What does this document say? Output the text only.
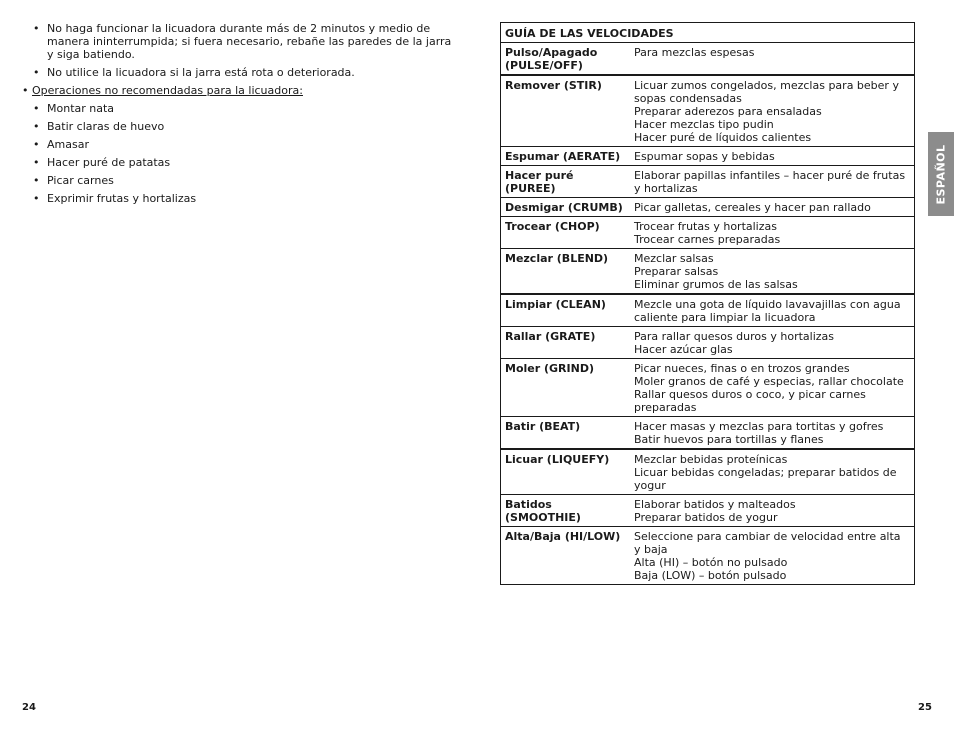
• No haga funcionar la licuadora durante más de 2 minutos y medio de manera ininterrumpida; si fuera necesario, rebañe las paredes de la jarra y siga batiendo.
• No utilice la licuadora si la jarra está rota o deteriorada.
• Operaciones no recomendadas para la licuadora:
• Montar nata
• Batir claras de huevo
• Amasar
• Hacer puré de patatas
• Picar carnes
• Exprimir frutas y hortalizas
24
GUÍA DE LAS VELOCIDADES	
Pulso/Apagado (PULSE/OFF)	Para mezclas espesas

Remover (STIR)	Licuar zumos congelados, mezclas para beber y sopas condensadas
Preparar aderezos para ensaladas
Hacer mezclas tipo pudin
Hacer puré de líquidos calientes

Espumar (AERATE)	Espumar sopas y bebidas

Hacer puré (PUREE)	Elaborar papillas infantiles – hacer puré de frutas y hortalizas

Desmigar (CRUMB)	Picar galletas, cereales y hacer pan rallado

Trocear (CHOP)	Trocear frutas y hortalizas
Trocear carnes preparadas

Mezclar (BLEND)	Mezclar salsas
Preparar salsas
Eliminar grumos de las salsas

Limpiar (CLEAN)	Mezcle una gota de líquido lavavajillas con agua caliente para limpiar la licuadora

Rallar (GRATE)	Para rallar quesos duros y hortalizas
Hacer azúcar glas

Moler (GRIND)	Picar nueces, finas o en trozos grandes
Moler granos de café y especias, rallar chocolate
Rallar quesos duros o coco, y picar carnes preparadas

Batir (BEAT)	Hacer masas y mezclas para tortitas y gofres
Batir huevos para tortillas y flanes

Licuar (LIQUEFY)	Mezclar bebidas proteínicas
Licuar bebidas congeladas; preparar batidos de yogur

Batidos (SMOOTHIE)	Elaborar batidos y malteados
Preparar batidos de yogur

Alta/Baja (HI/LOW)	Seleccione para cambiar de velocidad entre alta y baja
Alta (HI) – botón no pulsado
Baja (LOW) – botón pulsado
ESPAÑOL
25
